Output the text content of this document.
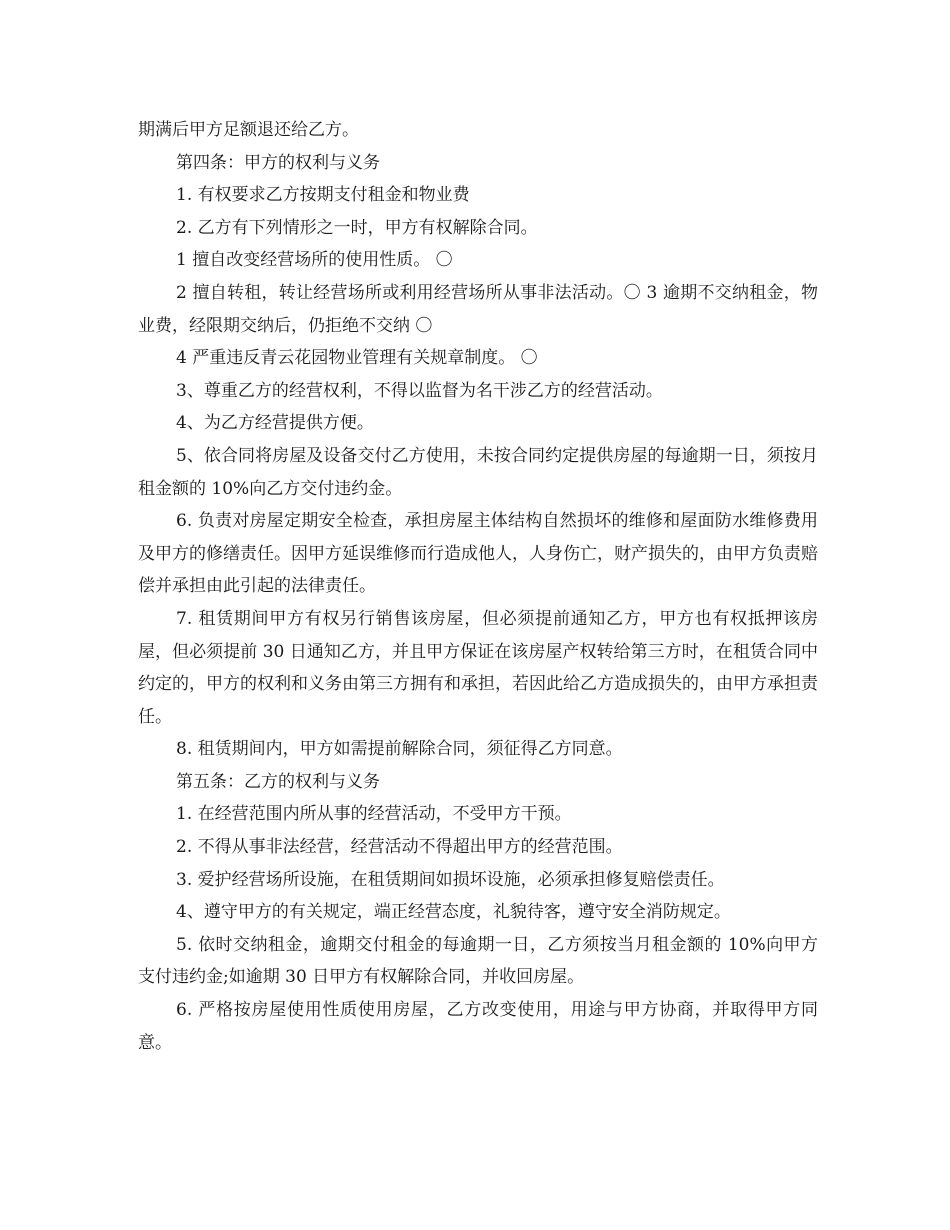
期满后甲方足额退还给乙方。

第四条：甲方的权利与义务

1. 有权要求乙方按期支付租金和物业费

2. 乙方有下列情形之一时，甲方有权解除合同。

1 擅自改变经营场所的使用性质。 〇

2 擅自转租，转让经营场所或利用经营场所从事非法活动。〇 3 逾期不交纳租金，物业费，经限期交纳后，仍拒绝不交纳 〇

4 严重违反青云花园物业管理有关规章制度。 〇

3、尊重乙方的经营权利，不得以监督为名干涉乙方的经营活动。

4、为乙方经营提供方便。

5、依合同将房屋及设备交付乙方使用，未按合同约定提供房屋的每逾期一日，须按月租金额的 10%向乙方交付违约金。

6. 负责对房屋定期安全检查，承担房屋主体结构自然损坏的维修和屋面防水维修费用及甲方的修缮责任。因甲方延误维修而行造成他人，人身伤亡，财产损失的，由甲方负责赔偿并承担由此引起的法律责任。

7. 租赁期间甲方有权另行销售该房屋，但必须提前通知乙方，甲方也有权抵押该房屋，但必须提前 30 日通知乙方，并且甲方保证在该房屋产权转给第三方时，在租赁合同中约定的，甲方的权利和义务由第三方拥有和承担，若因此给乙方造成损失的，由甲方承担责任。

8. 租赁期间内，甲方如需提前解除合同，须征得乙方同意。

第五条：乙方的权利与义务

1. 在经营范围内所从事的经营活动，不受甲方干预。

2. 不得从事非法经营，经营活动不得超出甲方的经营范围。

3. 爱护经营场所设施，在租赁期间如损坏设施，必须承担修复赔偿责任。

4、遵守甲方的有关规定，端正经营态度，礼貌待客，遵守安全消防规定。

5. 依时交纳租金，逾期交付租金的每逾期一日，乙方须按当月租金额的 10%向甲方支付违约金;如逾期 30 日甲方有权解除合同，并收回房屋。

6. 严格按房屋使用性质使用房屋，乙方改变使用，用途与甲方协商，并取得甲方同意。
